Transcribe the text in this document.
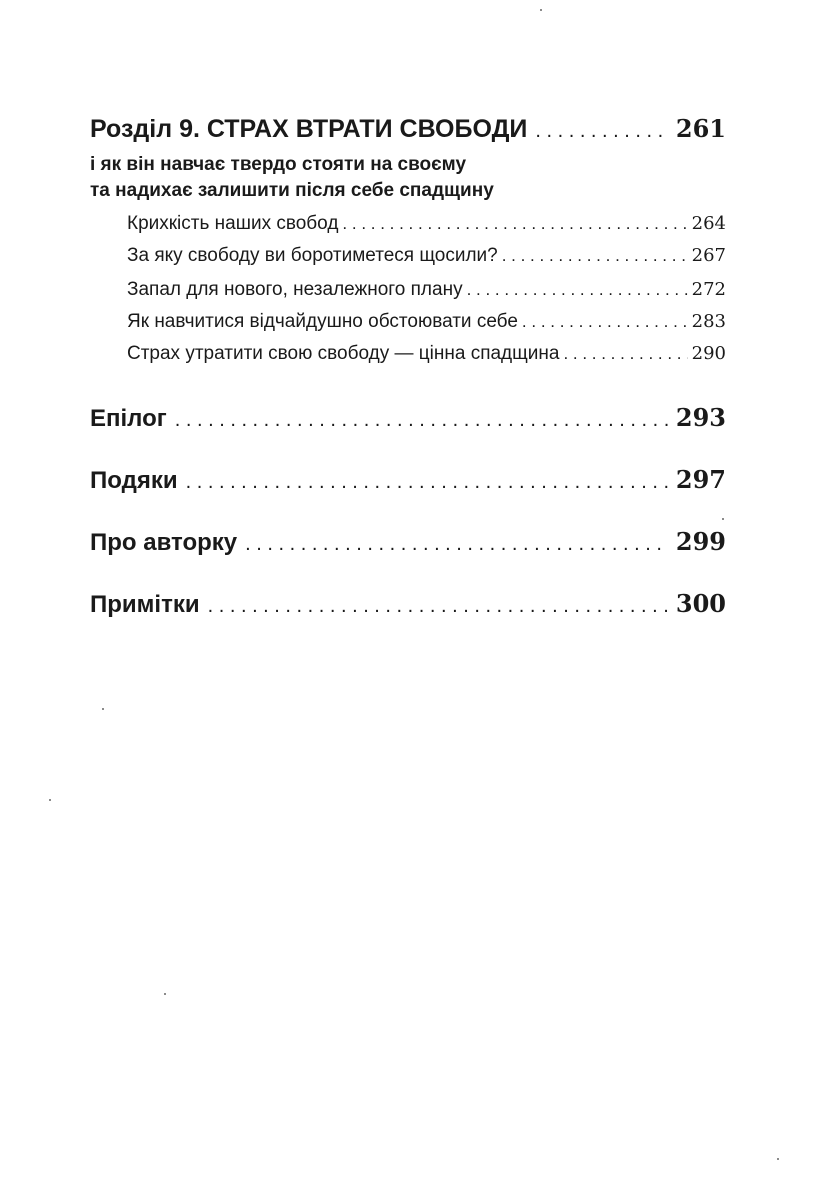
Розділ 9. СТРАХ ВТРАТИ СВОБОДИ . . .	261
і як він навчає твердо стояти на своєму
та надихає залишити після себе спадщину
Крихкість наших свобод . . .	264
За яку свободу ви боротиметеся щосили? . . .	267
Запал для нового, незалежного плану . . .	272
Як навчитися відчайдушно обстоювати себе . . .	283
Страх утратити свою свободу — цінна спадщина . . .	290
Епілог . . .	293
Подяки . . .	297
Про авторку . . .	299
Примітки . . .	300
